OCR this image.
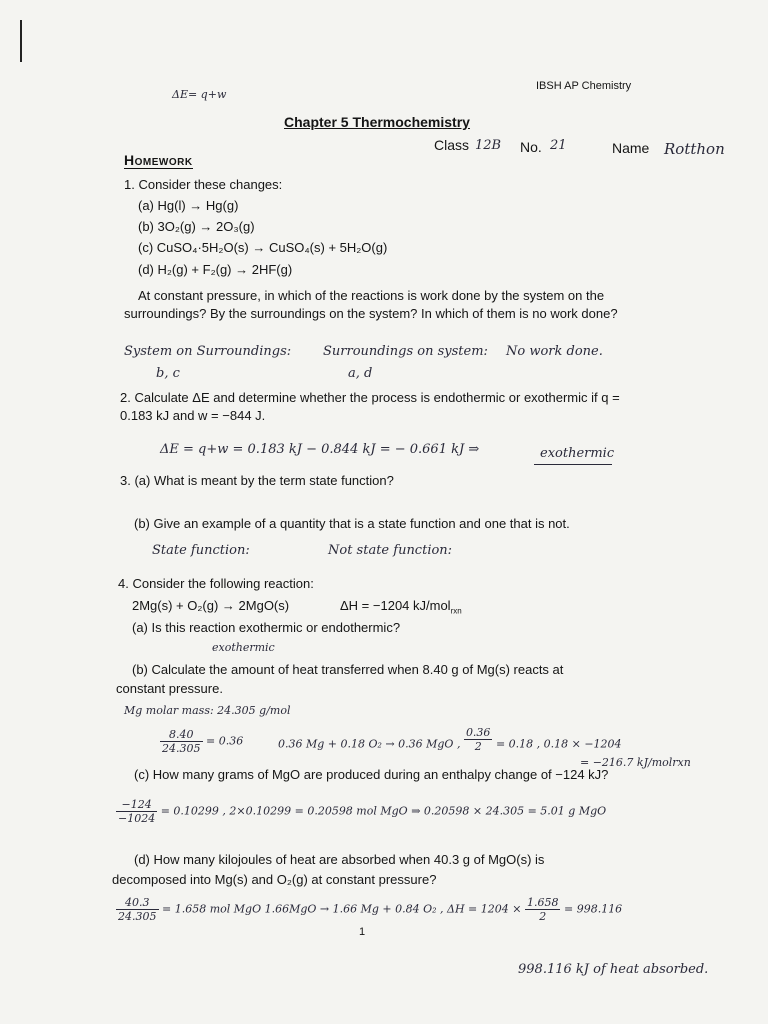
ΔE= q+w
IBSH AP Chemistry
Chapter 5 Thermochemistry
Class 12B No. 21	Name Rotthon
Homework
1. Consider these changes:
(a) Hg(l) → Hg(g)
(b) 3O₂(g) → 2O₃(g)
(c) CuSO₄·5H₂O(s) → CuSO₄(s) + 5H₂O(g)
(d) H₂(g) + F₂(g) → 2HF(g)
At constant pressure, in which of the reactions is work done by the system on the surroundings? By the surroundings on the system? In which of them is no work done?
System on Surroundings:
b, c
Surroundings on system:
a, d
No work done.
2. Calculate ΔE and determine whether the process is endothermic or exothermic if q = 0.183 kJ and w = −844 J.
ΔE = q+w = 0.183 kJ − 0.844 kJ = − 0.661 kJ ⇒	exothermic
3. (a) What is meant by the term state function?
(b) Give an example of a quantity that is a state function and one that is not.
State function:	Not state function:
4. Consider the following reaction:
2Mg(s) + O₂(g) → 2MgO(s)	ΔH = −1204 kJ/mol$_{rxn}$
(a) Is this reaction exothermic or endothermic?
exothermic
(b) Calculate the amount of heat transferred when 8.40 g of Mg(s) reacts at
constant pressure.
Mg molar mass: 24.305 g/mol
$\frac{8.40}{24.305} = 0.36$	0.36 Mg + 0.18 O₂ → 0.36 MgO , $\frac{0.36}{2} = 0.18$ , 0.18 × −1204
= −216.7 kJ/molrxn
(c) How many grams of MgO are produced during an enthalpy change of −124 kJ?
$\frac{-124}{-1024} = 0.10299$ , 2×0.10299 = 0.20598 mol MgO ⇒ 0.20598 × 24.305 = 5.01 g MgO
(d) How many kilojoules of heat are absorbed when 40.3 g of MgO(s) is
decomposed into Mg(s) and O₂(g) at constant pressure?
$\frac{40.3}{24.305} = 1.658$ mol MgO 1.66MgO → 1.66 Mg + 0.84 O₂ , $\Delta H = 1204 \times \frac{1.658}{2} = 998.116$
1
998.116 kJ of heat absorbed.
